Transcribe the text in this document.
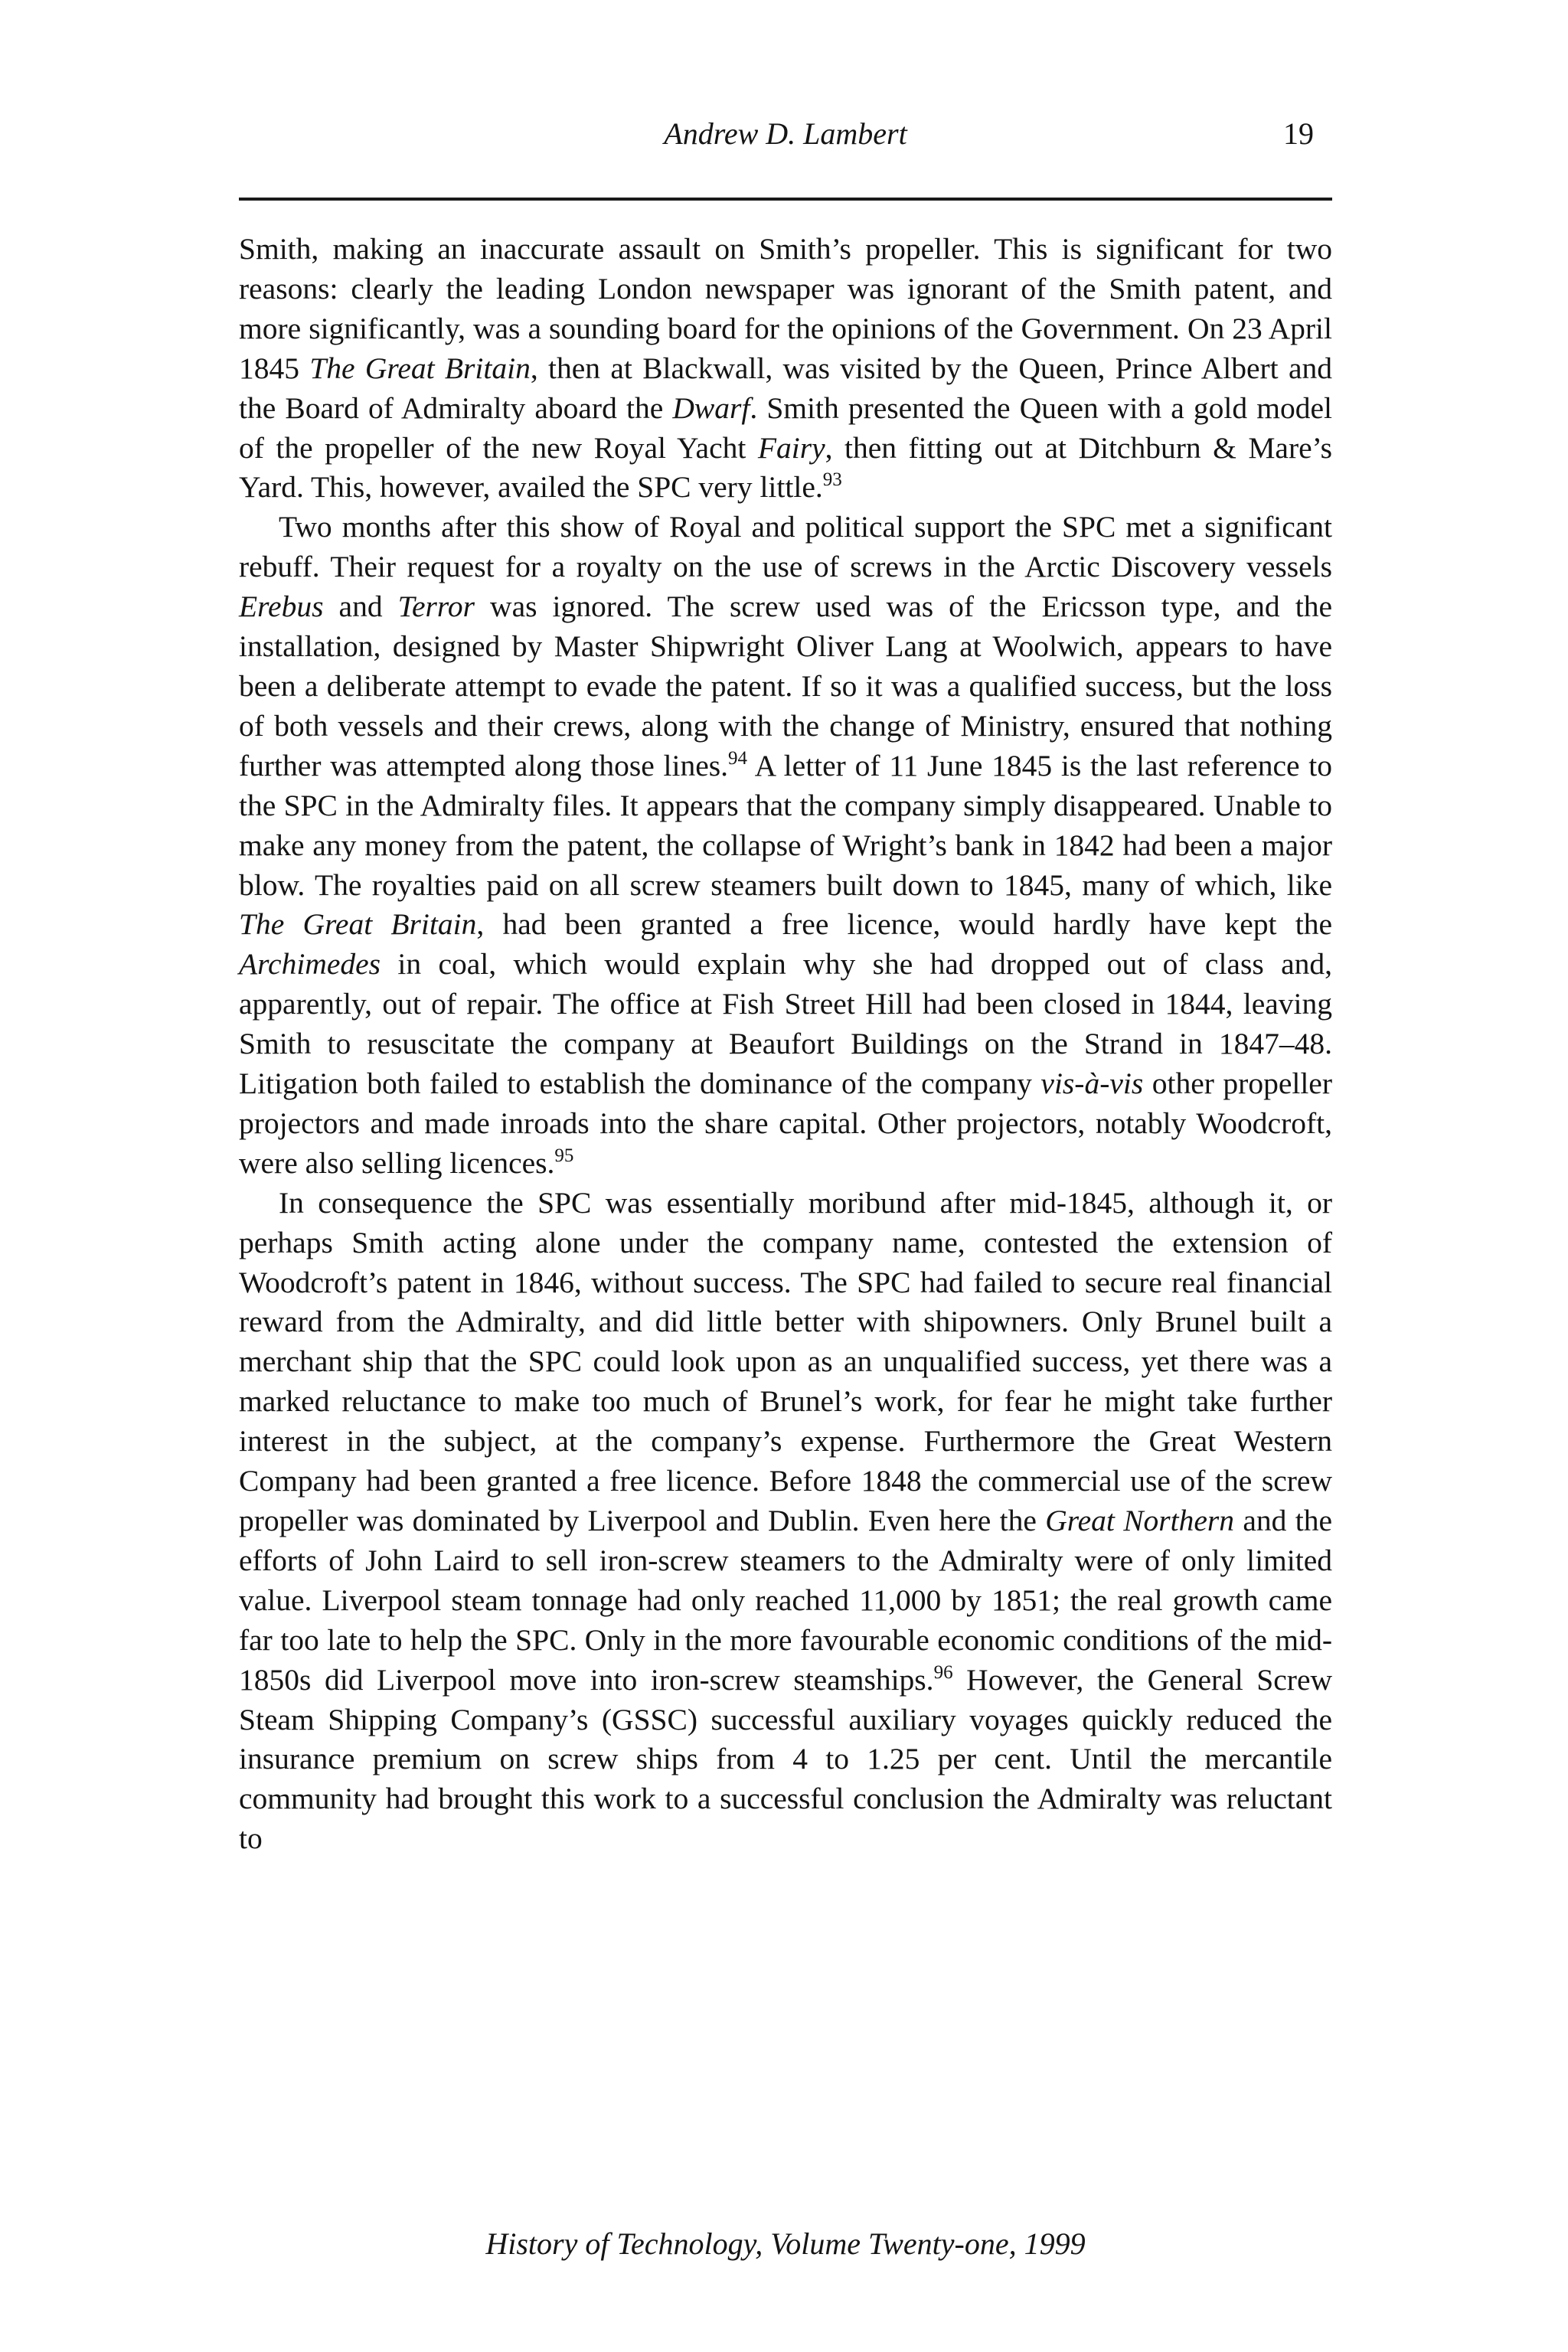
Andrew D. Lambert	19

Smith, making an inaccurate assault on Smith’s propeller. This is significant for two reasons: clearly the leading London newspaper was ignorant of the Smith patent, and more significantly, was a sounding board for the opinions of the Government. On 23 April 1845 The Great Britain, then at Blackwall, was visited by the Queen, Prince Albert and the Board of Admiralty aboard the Dwarf. Smith presented the Queen with a gold model of the propeller of the new Royal Yacht Fairy, then fitting out at Ditchburn & Mare’s Yard. This, however, availed the SPC very little.$^{93}$

Two months after this show of Royal and political support the SPC met a significant rebuff. Their request for a royalty on the use of screws in the Arctic Discovery vessels Erebus and Terror was ignored. The screw used was of the Ericsson type, and the installation, designed by Master Shipwright Oliver Lang at Woolwich, appears to have been a deliberate attempt to evade the patent. If so it was a qualified success, but the loss of both vessels and their crews, along with the change of Ministry, ensured that nothing further was attempted along those lines.$^{94}$ A letter of 11 June 1845 is the last reference to the SPC in the Admiralty files. It appears that the company simply disappeared. Unable to make any money from the patent, the collapse of Wright’s bank in 1842 had been a major blow. The royalties paid on all screw steamers built down to 1845, many of which, like The Great Britain, had been granted a free licence, would hardly have kept the Archimedes in coal, which would explain why she had dropped out of class and, apparently, out of repair. The office at Fish Street Hill had been closed in 1844, leaving Smith to resuscitate the company at Beaufort Buildings on the Strand in 1847–48. Litigation both failed to establish the dominance of the company vis-à-vis other propeller projectors and made inroads into the share capital. Other projectors, notably Woodcroft, were also selling licences.$^{95}$

In consequence the SPC was essentially moribund after mid-1845, although it, or perhaps Smith acting alone under the company name, contested the extension of Woodcroft’s patent in 1846, without success. The SPC had failed to secure real financial reward from the Admiralty, and did little better with shipowners. Only Brunel built a merchant ship that the SPC could look upon as an unqualified success, yet there was a marked reluctance to make too much of Brunel’s work, for fear he might take further interest in the subject, at the company’s expense. Furthermore the Great Western Company had been granted a free licence. Before 1848 the commercial use of the screw propeller was dominated by Liverpool and Dublin. Even here the Great Northern and the efforts of John Laird to sell iron-screw steamers to the Admiralty were of only limited value. Liverpool steam tonnage had only reached 11,000 by 1851; the real growth came far too late to help the SPC. Only in the more favourable economic conditions of the mid-1850s did Liverpool move into iron-screw steamships.$^{96}$ However, the General Screw Steam Shipping Company’s (GSSC) successful auxiliary voyages quickly reduced the insurance premium on screw ships from 4 to 1.25 per cent. Until the mercantile community had brought this work to a successful conclusion the Admiralty was reluctant to

History of Technology, Volume Twenty-one, 1999
